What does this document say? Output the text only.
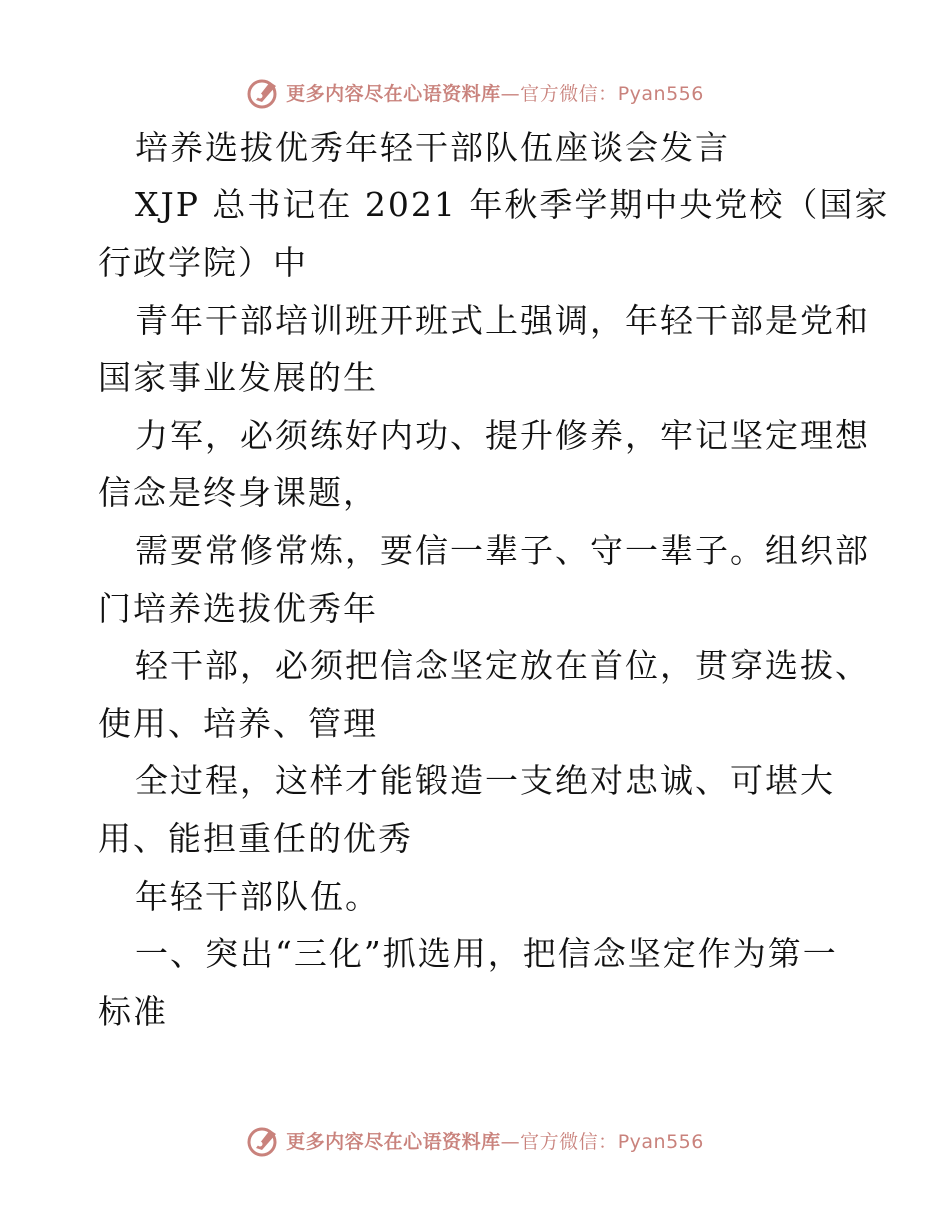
更多内容尽在心语资料库—官方微信：Pyan556
培养选拔优秀年轻干部队伍座谈会发言
XJP 总书记在 2021 年秋季学期中央党校（国家
行政学院）中
青年干部培训班开班式上强调，年轻干部是党和
国家事业发展的生
力军，必须练好内功、提升修养，牢记坚定理想
信念是终身课题，
需要常修常炼，要信一辈子、守一辈子。组织部
门培养选拔优秀年
轻干部，必须把信念坚定放在首位，贯穿选拔、
使用、培养、管理
全过程，这样才能锻造一支绝对忠诚、可堪大
用、能担重任的优秀
年轻干部队伍。
一、突出“三化”抓选用，把信念坚定作为第一
标准
更多内容尽在心语资料库—官方微信：Pyan556
